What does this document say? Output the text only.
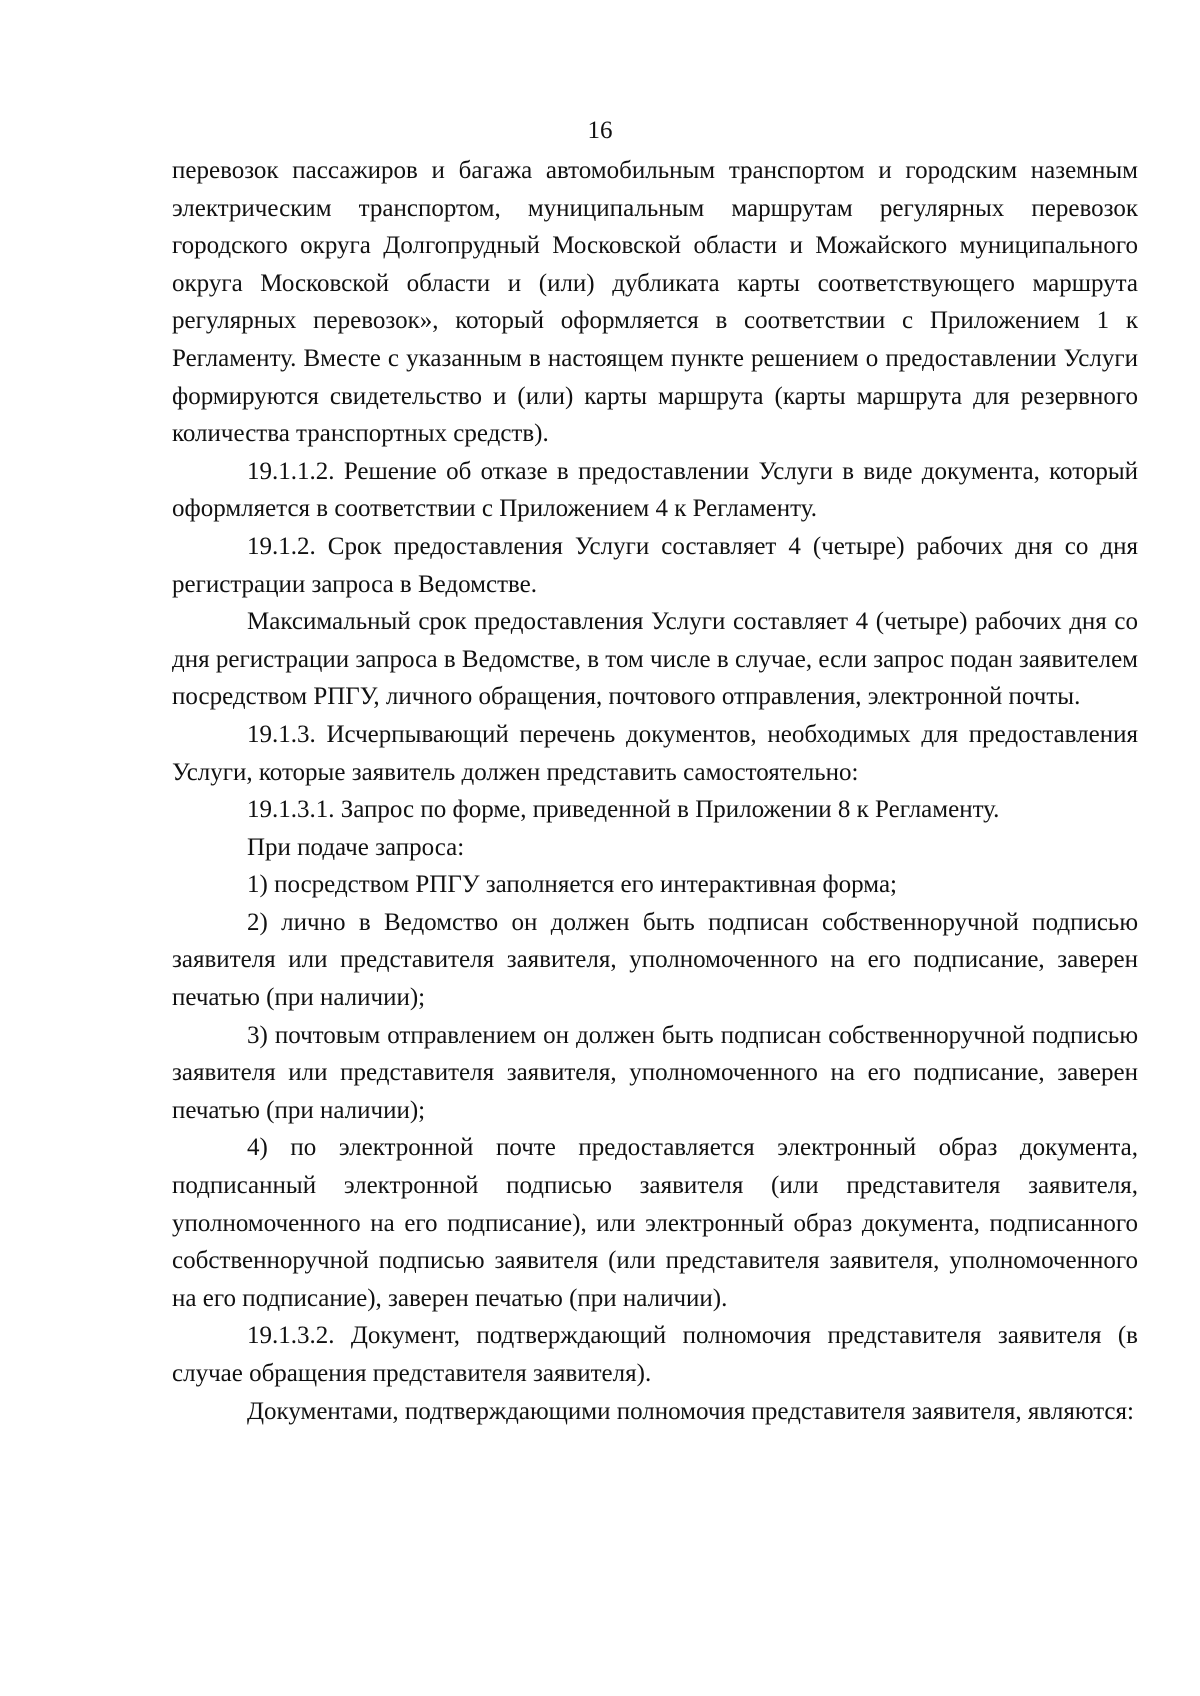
16

перевозок пассажиров и багажа автомобильным транспортом и городским наземным электрическим транспортом, муниципальным маршрутам регулярных перевозок городского округа Долгопрудный Московской области и Можайского муниципального округа Московской области и (или) дубликата карты соответствующего маршрута регулярных перевозок», который оформляется в соответствии с Приложением 1 к Регламенту. Вместе с указанным в настоящем пункте решением о предоставлении Услуги формируются свидетельство и (или) карты маршрута (карты маршрута для резервного количества транспортных средств).

19.1.1.2. Решение об отказе в предоставлении Услуги в виде документа, который оформляется в соответствии с Приложением 4 к Регламенту.

19.1.2. Срок предоставления Услуги составляет 4 (четыре) рабочих дня со дня регистрации запроса в Ведомстве.

Максимальный срок предоставления Услуги составляет 4 (четыре) рабочих дня со дня регистрации запроса в Ведомстве, в том числе в случае, если запрос подан заявителем посредством РПГУ, личного обращения, почтового отправления, электронной почты.

19.1.3. Исчерпывающий перечень документов, необходимых для предоставления Услуги, которые заявитель должен представить самостоятельно:

19.1.3.1. Запрос по форме, приведенной в Приложении 8 к Регламенту.

При подаче запроса:

1) посредством РПГУ заполняется его интерактивная форма;

2) лично в Ведомство он должен быть подписан собственноручной подписью заявителя или представителя заявителя, уполномоченного на его подписание, заверен печатью (при наличии);

3) почтовым отправлением он должен быть подписан собственноручной подписью заявителя или представителя заявителя, уполномоченного на его подписание, заверен печатью (при наличии);

4) по электронной почте предоставляется электронный образ документа, подписанный электронной подписью заявителя (или представителя заявителя, уполномоченного на его подписание), или электронный образ документа, подписанного собственноручной подписью заявителя (или представителя заявителя, уполномоченного на его подписание), заверен печатью (при наличии).

19.1.3.2. Документ, подтверждающий полномочия представителя заявителя (в случае обращения представителя заявителя).

Документами, подтверждающими полномочия представителя заявителя, являются:
